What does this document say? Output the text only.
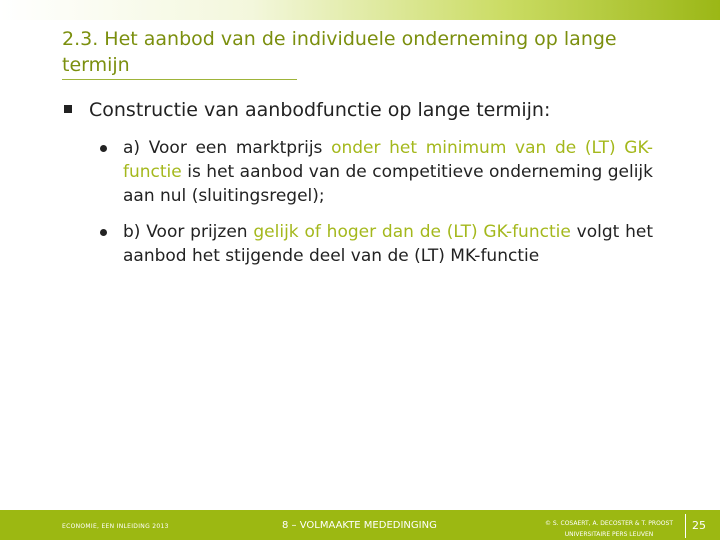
2.3. Het aanbod van de individuele onderneming op lange termijn
Constructie van aanbodfunctie op lange termijn:
a) Voor een marktprijs onder het minimum van de (LT) GK-functie is het aanbod van de competitieve onderneming gelijk aan nul (sluitingsregel);
b) Voor prijzen gelijk of hoger dan de (LT) GK-functie volgt het aanbod het stijgende deel van de (LT) MK-functie
ECONOMIE, EEN INLEIDING 2013	8 – VOLMAAKTE MEDEDINGING	© S. COSAERT, A. DECOSTER & T. PROOST
UNIVERSITAIRE PERS LEUVEN
25
